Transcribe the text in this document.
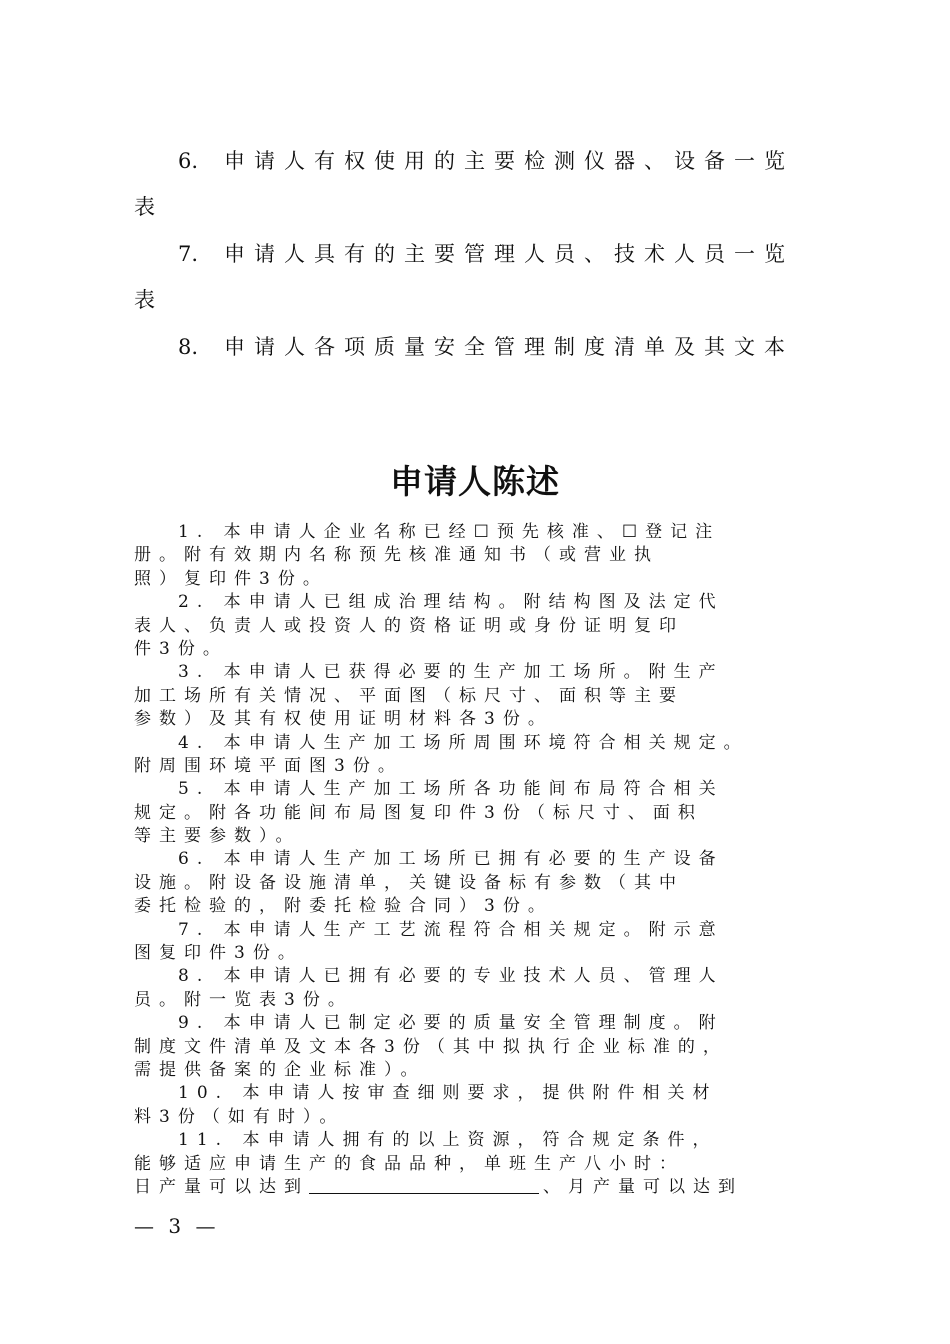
6. 申请人有权使用的主要检测仪器、设备一览
表
7. 申请人具有的主要管理人员、技术人员一览
表
8. 申请人各项质量安全管理制度清单及其文本
申请人陈述
1. 本申请人企业名称已经☐预先核准、☐登记注
册。附有效期内名称预先核准通知书（或营业执
照）复印件3份。
2. 本申请人已组成治理结构。附结构图及法定代
表人、负责人或投资人的资格证明或身份证明复印
件3份。
3. 本申请人已获得必要的生产加工场所。附生产
加工场所有关情况、平面图（标尺寸、面积等主要
参数）及其有权使用证明材料各3份。
4. 本申请人生产加工场所周围环境符合相关规定。
附周围环境平面图3份。
5. 本申请人生产加工场所各功能间布局符合相关
规定。附各功能间布局图复印件3份（标尺寸、面积
等主要参数）。
6. 本申请人生产加工场所已拥有必要的生产设备
设施。附设备设施清单，关键设备标有参数（其中
委托检验的，附委托检验合同）3份。
7. 本申请人生产工艺流程符合相关规定。附示意
图复印件3份。
8. 本申请人已拥有必要的专业技术人员、管理人
员。附一览表3份。
9. 本申请人已制定必要的质量安全管理制度。附
制度文件清单及文本各3份（其中拟执行企业标准的，
需提供备案的企业标准）。
10. 本申请人按审查细则要求，提供附件相关材
料3份（如有时）。
11. 本申请人拥有的以上资源，符合规定条件，
能够适应申请生产的食品品种，单班生产八小时：
日产量可以达到	、月产量可以达到
— 3 —
